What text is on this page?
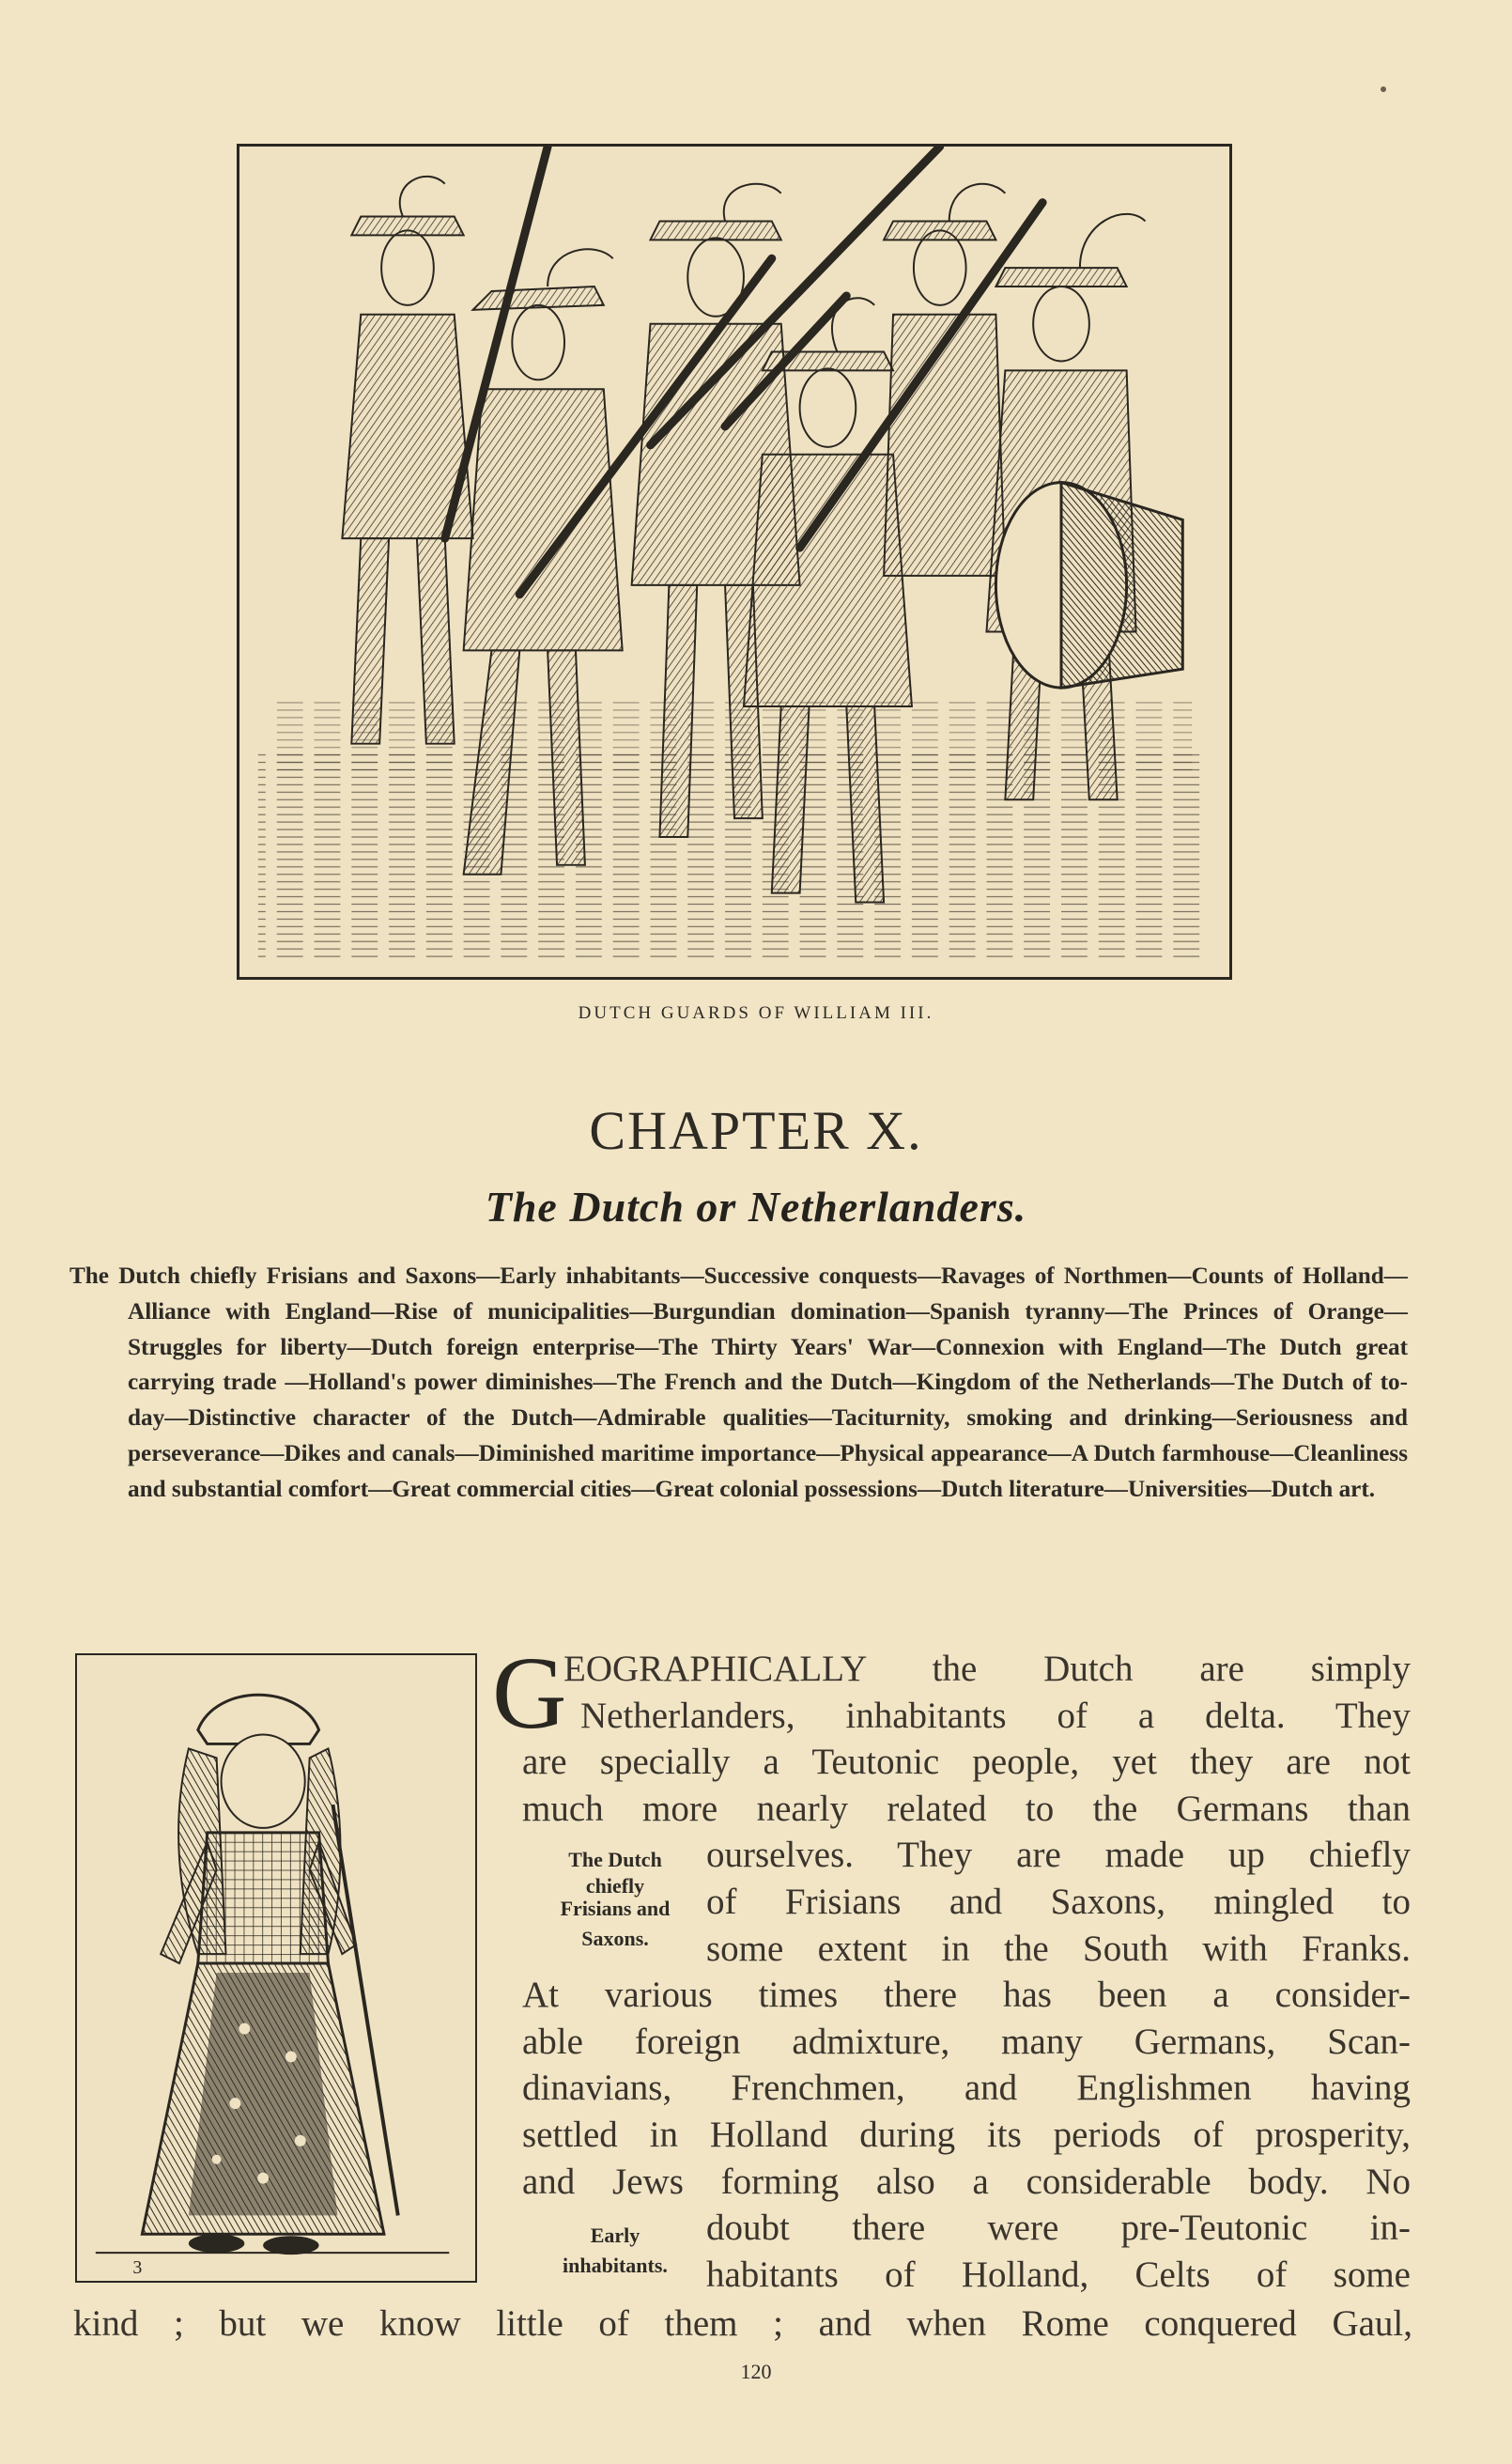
DUTCH GUARDS OF WILLIAM III.
CHAPTER X.
The Dutch or Netherlanders.

The Dutch chiefly Frisians and Saxons—Early inhabitants—Successive conquests—Ravages of Northmen—Counts of Holland—Alliance with England—Rise of municipalities—Burgundian domination—Spanish tyranny—The Princes of Orange—Struggles for liberty—Dutch foreign enterprise—The Thirty Years' War—Connexion with England—The Dutch great carrying trade —Holland's power diminishes—The French and the Dutch—Kingdom of the Netherlands—The Dutch of to-day—Distinctive character of the Dutch—Admirable qualities—Taciturnity, smoking and drinking—Seriousness and perseverance—Dikes and canals—Diminished maritime importance—Physical appearance—A Dutch farmhouse—Cleanliness and substantial comfort—Great commercial cities—Great colonial possessions—Dutch literature—Universities—Dutch art.

3
G
EOGRAPHICALLY the Dutch are simply
Netherlanders, inhabitants of a delta. They
are specially a Teutonic people, yet they are not
much more nearly related to the Germans than
ourselves. They are made up chiefly
of Frisians and Saxons, mingled to
some extent in the South with Franks.
At various times there has been a consider-
able foreign admixture, many Germans, Scan-
dinavians, Frenchmen, and Englishmen having
settled in Holland during its periods of prosperity,
and Jews forming also a considerable body. No
doubt there were pre-Teutonic in-
habitants of Holland, Celts of some
The Dutch
chiefly
Frisians and
Saxons.
Early
inhabitants.
kind ; but we know little of them ; and when Rome conquered Gaul,
120
